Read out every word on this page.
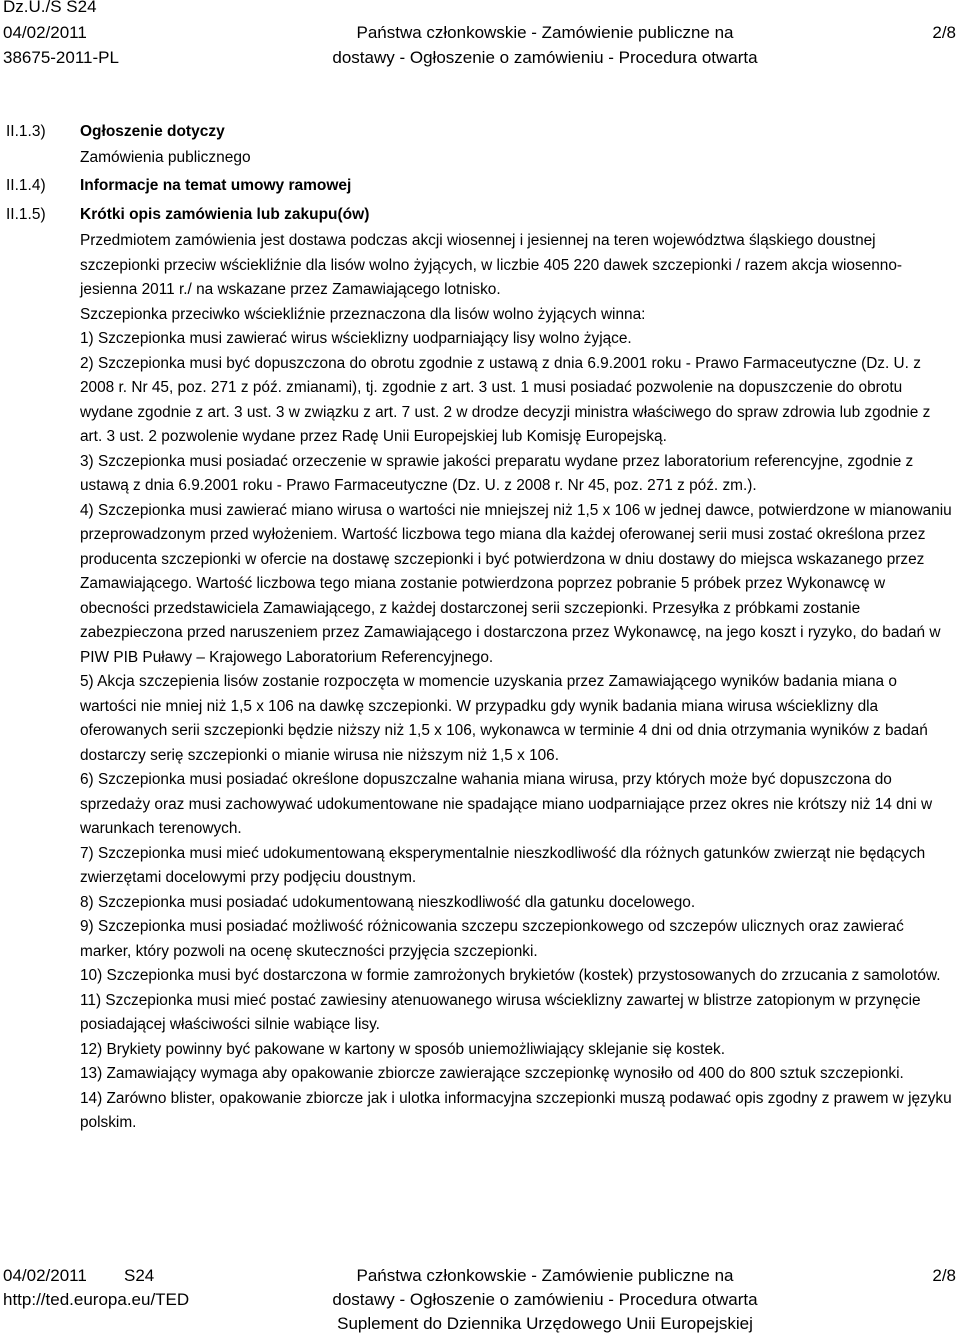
Dz.U./S S24
04/02/2011
38675-2011-PL
Państwa członkowskie - Zamówienie publiczne na
dostawy - Ogłoszenie o zamówieniu - Procedura otwarta
2/8
II.1.3) Ogłoszenie dotyczy
Zamówienia publicznego
II.1.4) Informacje na temat umowy ramowej
II.1.5) Krótki opis zamówienia lub zakupu(ów)

Przedmiotem zamówienia jest dostawa podczas akcji wiosennej i jesiennej na teren województwa śląskiego doustnej szczepionki przeciw wściekliźnie dla lisów wolno żyjących, w liczbie 405 220 dawek szczepionki / razem akcja wiosenno-jesienna 2011 r./ na wskazane przez Zamawiającego lotnisko.

Szczepionka przeciwko wściekliźnie przeznaczona dla lisów wolno żyjących winna:

1) Szczepionka musi zawierać wirus wścieklizny uodparniający lisy wolno żyjące.

2) Szczepionka musi być dopuszczona do obrotu zgodnie z ustawą z dnia 6.9.2001 roku - Prawo Farmaceutyczne (Dz. U. z 2008 r. Nr 45, poz. 271 z póź. zmianami), tj. zgodnie z art. 3 ust. 1 musi posiadać pozwolenie na dopuszczenie do obrotu wydane zgodnie z art. 3 ust. 3 w związku z art. 7 ust. 2 w drodze decyzji ministra właściwego do spraw zdrowia lub zgodnie z art. 3 ust. 2 pozwolenie wydane przez Radę Unii Europejskiej lub Komisję Europejską.

3) Szczepionka musi posiadać orzeczenie w sprawie jakości preparatu wydane przez laboratorium referencyjne, zgodnie z ustawą z dnia 6.9.2001 roku - Prawo Farmaceutyczne (Dz. U. z 2008 r. Nr 45, poz. 271 z póź. zm.).

4) Szczepionka musi zawierać miano wirusa o wartości nie mniejszej niż 1,5 x 106 w jednej dawce, potwierdzone w mianowaniu przeprowadzonym przed wyłożeniem. Wartość liczbowa tego miana dla każdej oferowanej serii musi zostać określona przez producenta szczepionki w ofercie na dostawę szczepionki i być potwierdzona w dniu dostawy do miejsca wskazanego przez Zamawiającego. Wartość liczbowa tego miana zostanie potwierdzona poprzez pobranie 5 próbek przez Wykonawcę w obecności przedstawiciela Zamawiającego, z każdej dostarczonej serii szczepionki. Przesyłka z próbkami zostanie zabezpieczona przed naruszeniem przez Zamawiającego i dostarczona przez Wykonawcę, na jego koszt i ryzyko, do badań w PIW PIB Puławy – Krajowego Laboratorium Referencyjnego.

5) Akcja szczepienia lisów zostanie rozpoczęta w momencie uzyskania przez Zamawiającego wyników badania miana o wartości nie mniej niż 1,5 x 106 na dawkę szczepionki. W przypadku gdy wynik badania miana wirusa wścieklizny dla oferowanych serii szczepionki będzie niższy niż 1,5 x 106, wykonawca w terminie 4 dni od dnia otrzymania wyników z badań dostarczy serię szczepionki o mianie wirusa nie niższym niż 1,5 x 106.

6) Szczepionka musi posiadać określone dopuszczalne wahania miana wirusa, przy których może być dopuszczona do sprzedaży oraz musi zachowywać udokumentowane nie spadające miano uodparniające przez okres nie krótszy niż 14 dni w warunkach terenowych.

7) Szczepionka musi mieć udokumentowaną eksperymentalnie nieszkodliwość dla różnych gatunków zwierząt nie będących zwierzętami docelowymi przy podjęciu doustnym.

8) Szczepionka musi posiadać udokumentowaną nieszkodliwość dla gatunku docelowego.

9) Szczepionka musi posiadać możliwość różnicowania szczepu szczepionkowego od szczepów ulicznych oraz zawierać marker, który pozwoli na ocenę skuteczności przyjęcia szczepionki.

10) Szczepionka musi być dostarczona w formie zamrożonych brykietów (kostek) przystosowanych do zrzucania z samolotów.

11) Szczepionka musi mieć postać zawiesiny atenuowanego wirusa wścieklizny zawartej w blistrze zatopionym w przynęcie posiadającej właściwości silnie wabiące lisy.

12) Brykiety powinny być pakowane w kartony w sposób uniemożliwiający sklejanie się kostek.

13) Zamawiający wymaga aby opakowanie zbiorcze zawierające szczepionkę wynosiło od 400 do 800 sztuk szczepionki.

14) Zarówno blister, opakowanie zbiorcze jak i ulotka informacyjna szczepionki muszą podawać opis zgodny z prawem w języku polskim.

04/02/2011 S24
http://ted.europa.eu/TED
Państwa członkowskie - Zamówienie publiczne na
dostawy - Ogłoszenie o zamówieniu - Procedura otwarta
Suplement do Dziennika Urzędowego Unii Europejskiej
2/8
